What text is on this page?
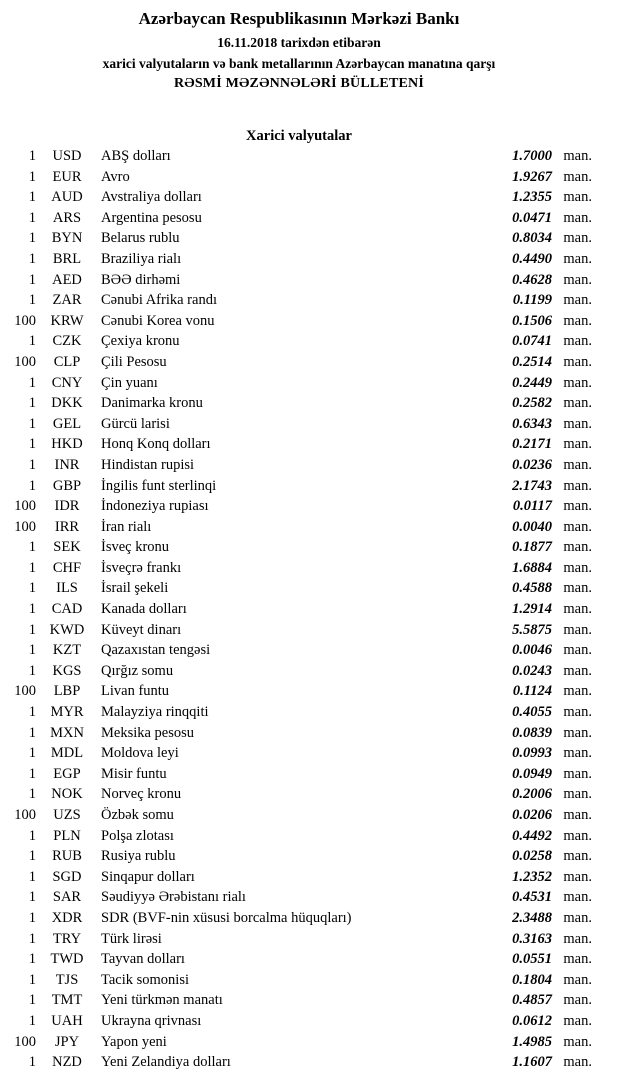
Azərbaycan Respublikasının Mərkəzi Bankı
16.11.2018 tarixdən etibarən
xarici valyutaların və bank metallarının Azərbaycan manatına qarşı
RƏSMİ MƏZƏNNƏLƏRİ BÜLLETENİ
Xarici valyutalar
1	USD	ABŞ dolları	1.7000 man.
1	EUR	Avro	1.9267 man.
1	AUD	Avstraliya dolları	1.2355 man.
1	ARS	Argentina pesosu	0.0471 man.
1	BYN	Belarus rublu	0.8034 man.
1	BRL	Braziliya rialı	0.4490 man.
1	AED	BƏƏ dirhəmi	0.4628 man.
1	ZAR	Cənubi Afrika randı	0.1199 man.
100 KRW	Cənubi Korea vonu	0.1506 man.
1	CZK	Çexiya kronu	0.0741 man.
100	CLP	Çili Pesosu	0.2514 man.
1	CNY	Çin yuanı	0.2449 man.
1	DKK	Danimarka kronu	0.2582 man.
1	GEL	Gürcü larisi	0.6343 man.
1	HKD	Honq Konq dolları	0.2171 man.
1	INR	Hindistan rupisi	0.0236 man.
1	GBP	İngilis funt sterlinqi	2.1743 man.
100	IDR	İndoneziya rupiası	0.0117 man.
100	IRR	İran rialı	0.0040 man.
1	SEK	İsveç kronu	0.1877 man.
1	CHF	İsveçrə frankı	1.6884 man.
1	ILS	İsrail şekeli	0.4588 man.
1	CAD	Kanada dolları	1.2914 man.
1 KWD	Küveyt dinarı	5.5875 man.
1	KZT	Qazaxıstan tengəsi	0.0046 man.
1	KGS	Qırğız somu	0.0243 man.
100	LBP	Livan funtu	0.1124 man.
1 MYR	Malayziya rinqqiti	0.4055 man.
1 MXN	Meksika pesosu	0.0839 man.
1	MDL	Moldova leyi	0.0993 man.
1	EGP	Misir funtu	0.0949 man.
1	NOK	Norveç kronu	0.2006 man.
100	UZS	Özbək somu	0.0206 man.
1	PLN	Polşa zlotası	0.4492 man.
1	RUB	Rusiya rublu	0.0258 man.
1	SGD	Sinqapur dolları	1.2352 man.
1	SAR	Səudiyyə Ərəbistanı rialı	0.4531 man.
1	XDR	SDR (BVF-nin xüsusi borcalma hüquqları)	2.3488 man.
1	TRY	Türk lirəsi	0.3163 man.
1 TWD	Tayvan dolları	0.0551 man.
1	TJS	Tacik somonisi	0.1804 man.
1	TMT	Yeni türkmən manatı	0.4857 man.
1	UAH	Ukrayna qrivnası	0.0612 man.
100	JPY	Yapon yeni	1.4985 man.
1	NZD	Yeni Zelandiya dolları	1.1607 man.
